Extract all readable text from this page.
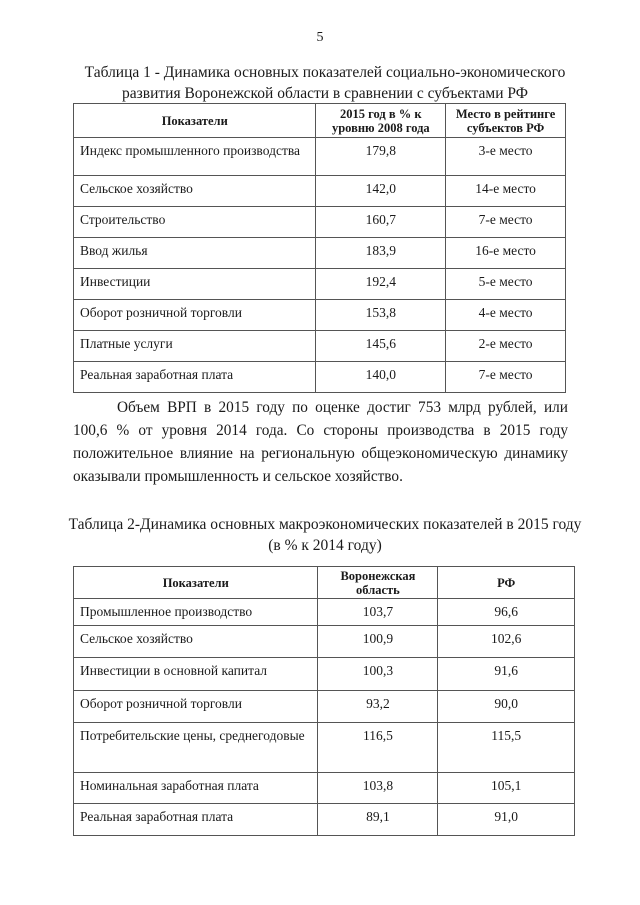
5
Таблица 1 - Динамика основных показателей социально-экономического
развития Воронежской области в сравнении с субъектами РФ
Показатели	2015 год в % к уровню 2008 года	Место в рейтинге субъектов РФ
Индекс промышленного производства	179,8	3-е место
Сельское хозяйство	142,0	14-е место
Строительство	160,7	7-е место
Ввод жилья	183,9	16-е место
Инвестиции	192,4	5-е место
Оборот розничной торговли	153,8	4-е место
Платные услуги	145,6	2-е место
Реальная заработная плата	140,0	7-е место

Объем ВРП в 2015 году по оценке достиг 753 млрд рублей, или 100,6 % от уровня 2014 года. Со стороны производства в 2015 году положительное влияние на региональную общеэкономическую динамику оказывали промышленность и сельское хозяйство.

Таблица 2-Динамика основных макроэкономических показателей в 2015 году
(в % к 2014 году)
Показатели	Воронежская область	РФ
Промышленное производство	103,7	96,6
Сельское хозяйство	100,9	102,6
Инвестиции в основной капитал	100,3	91,6
Оборот розничной торговли	93,2	90,0
Потребительские цены, среднегодовые	116,5	115,5
Номинальная заработная плата	103,8	105,1
Реальная заработная плата	89,1	91,0
